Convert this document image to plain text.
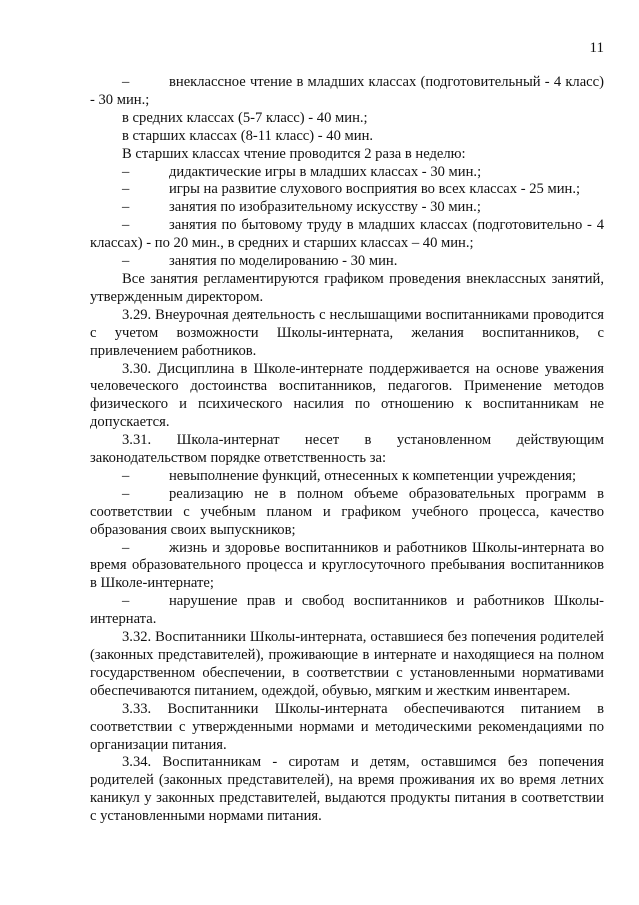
11

–	внеклассное чтение в младших классах (подготовительный - 4 класс) - 30 мин.;

в средних классах (5-7 класс) - 40 мин.;

в старших классах (8-11 класс) - 40 мин.

В старших классах чтение проводится 2 раза в неделю:

–	дидактические игры в младших классах - 30 мин.;

–	игры на развитие слухового восприятия во всех классах - 25 мин.;

–	занятия по изобразительному искусству - 30 мин.;

–	занятия по бытовому труду в младших классах (подготовительно - 4 классах) - по 20 мин., в средних и старших классах – 40 мин.;

–	занятия по моделированию - 30 мин.

Все занятия регламентируются графиком проведения внеклассных занятий, утвержденным директором.

3.29. Внеурочная деятельность с неслышащими воспитанниками проводится с учетом возможности Школы-интерната, желания воспитанников, с привлечением работников.

3.30. Дисциплина в Школе-интернате поддерживается на основе уважения человеческого достоинства воспитанников, педагогов. Применение методов физического и психического насилия по отношению к воспитанникам не допускается.

3.31. Школа-интернат несет в установленном действующим законодательством порядке ответственность за:

–	невыполнение функций, отнесенных к компетенции учреждения;

–	реализацию не в полном объеме образовательных программ в соответствии с учебным планом и графиком учебного процесса, качество образования своих выпускников;

–	жизнь и здоровье воспитанников и работников Школы-интерната во время образовательного процесса и круглосуточного пребывания воспитанников в Школе-интернате;

–	нарушение прав и свобод воспитанников и работников Школы-интерната.

3.32. Воспитанники Школы-интерната, оставшиеся без попечения родителей (законных представителей), проживающие в интернате и находящиеся на полном государственном обеспечении, в соответствии с установленными нормативами обеспечиваются питанием, одеждой, обувью, мягким и жестким инвентарем.

3.33. Воспитанники Школы-интерната обеспечиваются питанием в соответствии с утвержденными нормами и методическими рекомендациями по организации питания.

3.34. Воспитанникам - сиротам и детям, оставшимся без попечения родителей (законных представителей), на время проживания их во время летних каникул у законных представителей, выдаются продукты питания в соответствии с установленными нормами питания.
